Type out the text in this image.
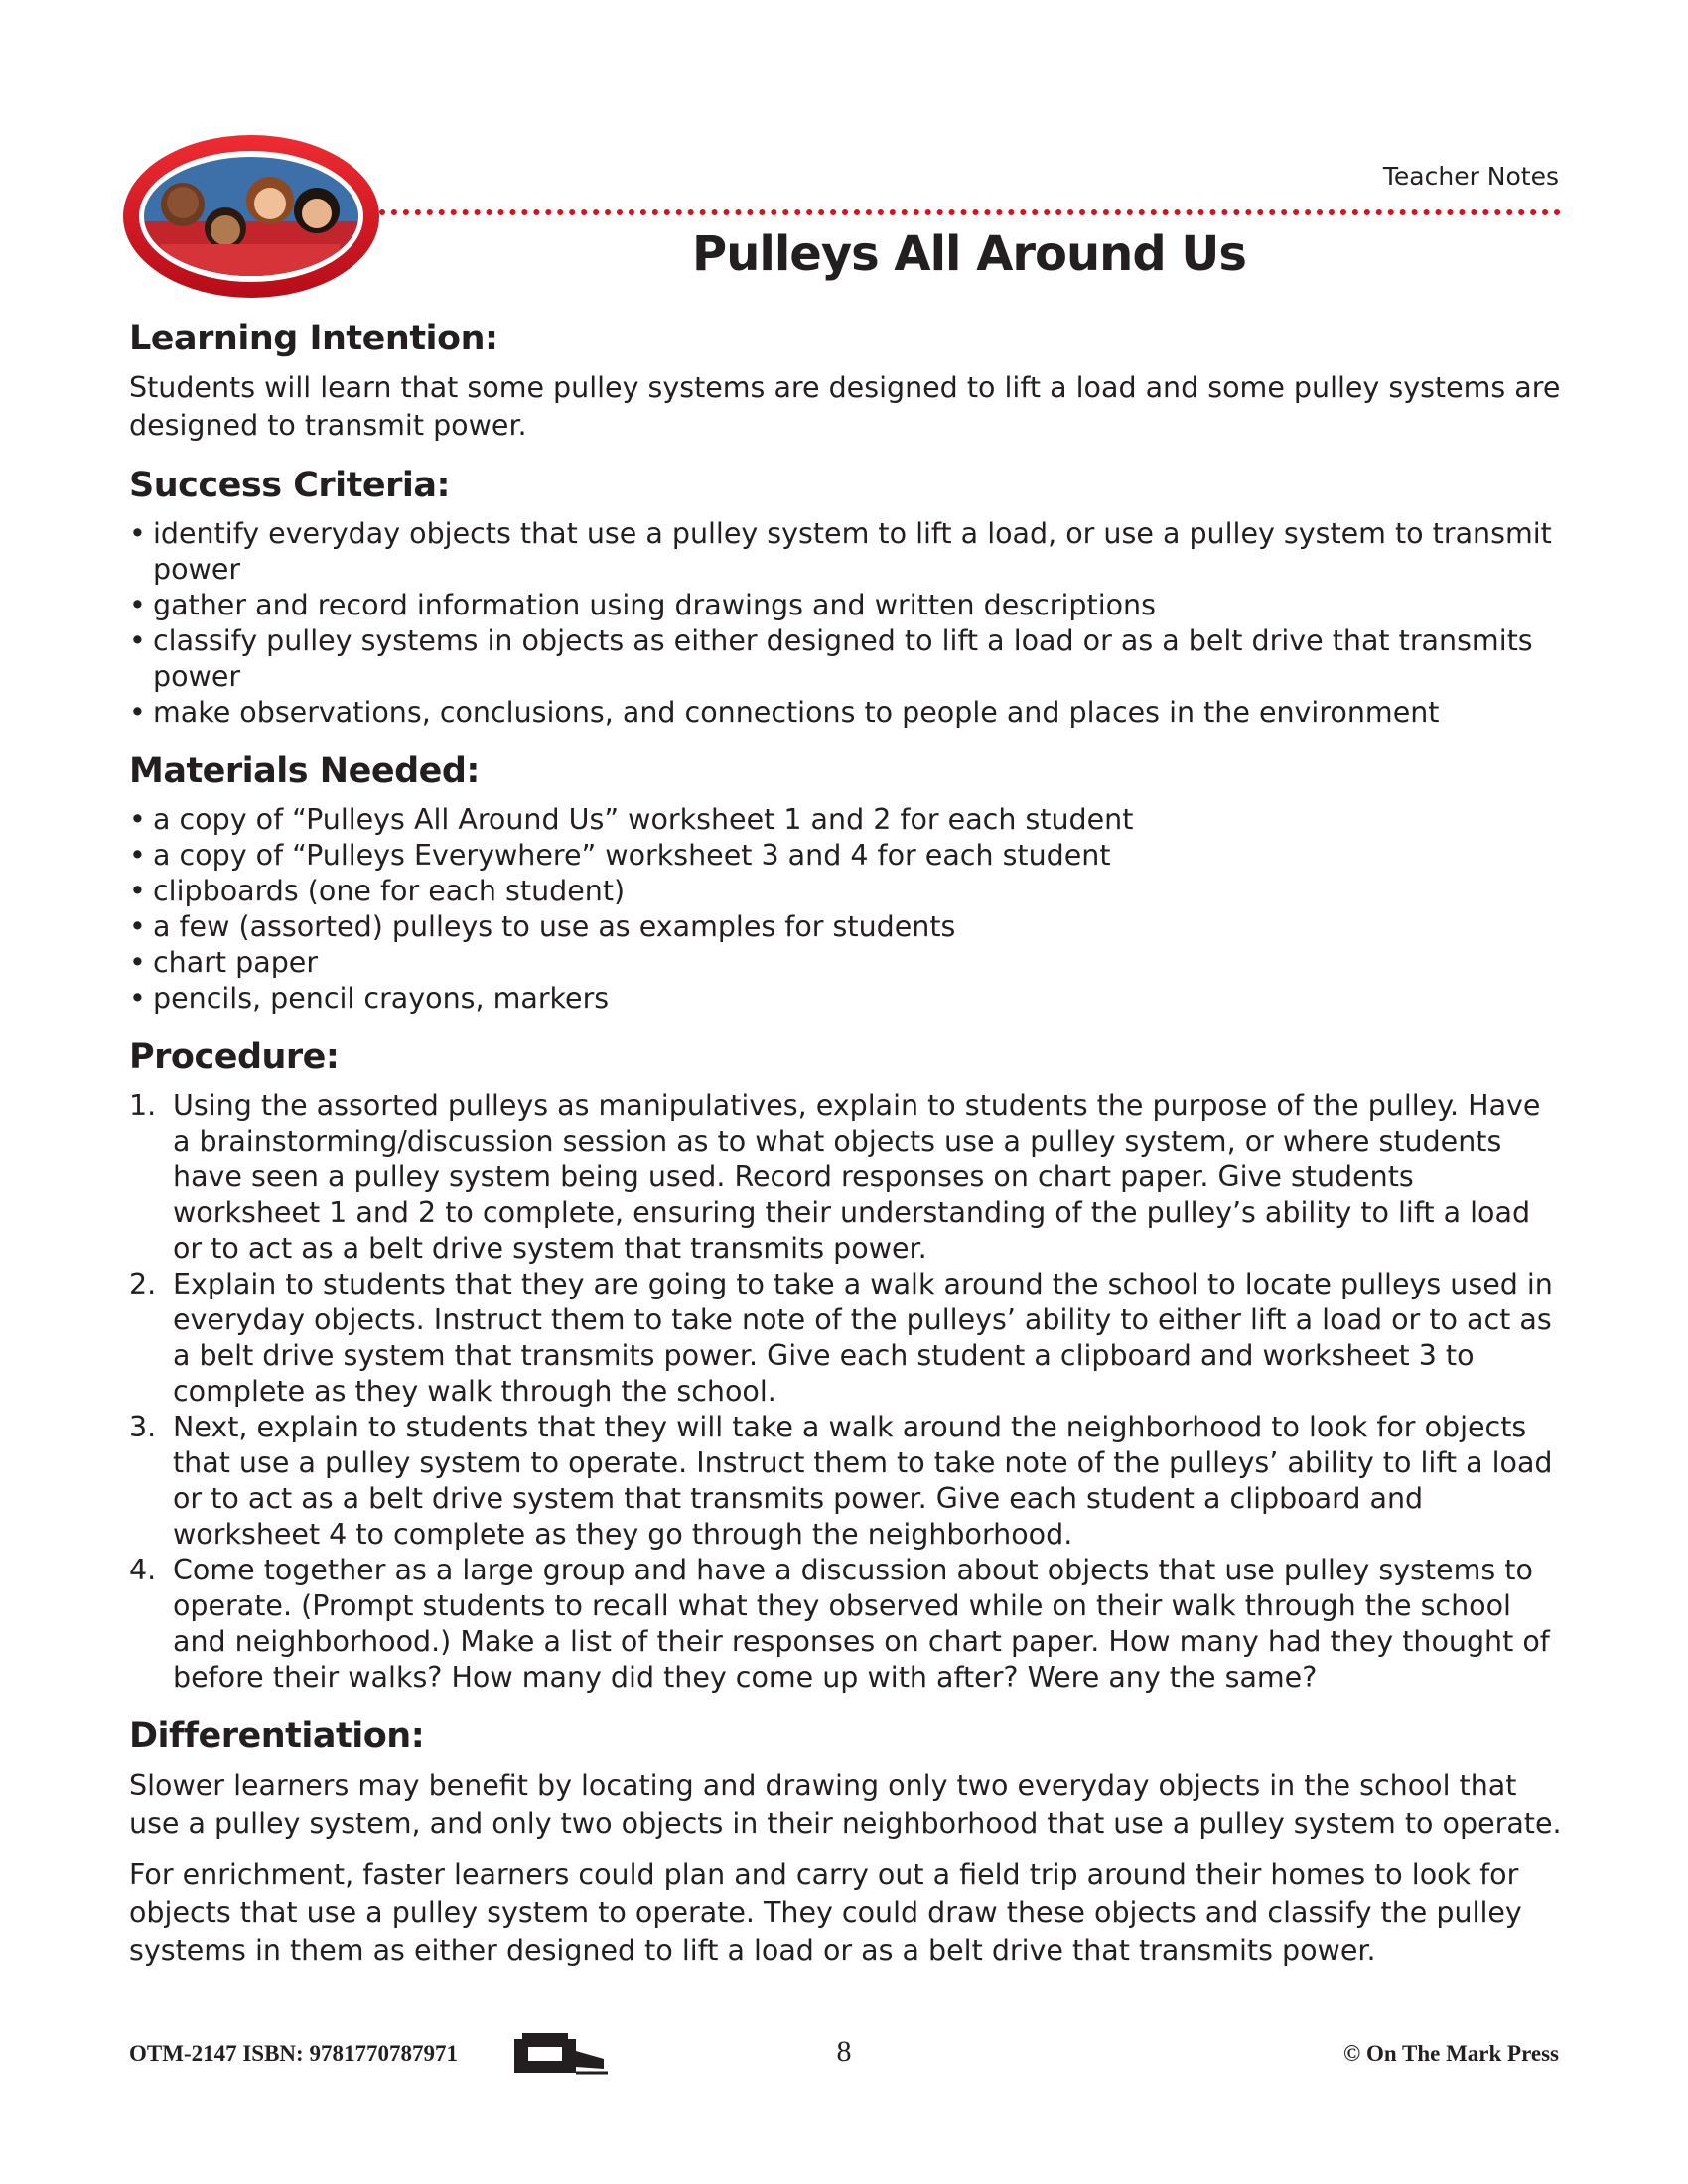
Teacher Notes
Pulleys All Around Us
Learning Intention:

Students will learn that some pulley systems are designed to lift a load and some pulley systems are designed to transmit power.

Success Criteria:
• identify everyday objects that use a pulley system to lift a load, or use a pulley system to transmit power
• gather and record information using drawings and written descriptions
• classify pulley systems in objects as either designed to lift a load or as a belt drive that transmits power
• make observations, conclusions, and connections to people and places in the environment
Materials Needed:
• a copy of “Pulleys All Around Us” worksheet 1 and 2 for each student
• a copy of “Pulleys Everywhere” worksheet 3 and 4 for each student
• clipboards (one for each student)
• a few (assorted) pulleys to use as examples for students
• chart paper
• pencils, pencil crayons, markers
Procedure:
1. Using the assorted pulleys as manipulatives, explain to students the purpose of the pulley. Have a brainstorming/discussion session as to what objects use a pulley system, or where students have seen a pulley system being used. Record responses on chart paper. Give students worksheet 1 and 2 to complete, ensuring their understanding of the pulley’s ability to lift a load or to act as a belt drive system that transmits power.
2. Explain to students that they are going to take a walk around the school to locate pulleys used in everyday objects. Instruct them to take note of the pulleys’ ability to either lift a load or to act as a belt drive system that transmits power. Give each student a clipboard and worksheet 3 to complete as they walk through the school.
3. Next, explain to students that they will take a walk around the neighborhood to look for objects that use a pulley system to operate. Instruct them to take note of the pulleys’ ability to lift a load or to act as a belt drive system that transmits power. Give each student a clipboard and worksheet 4 to complete as they go through the neighborhood.
4. Come together as a large group and have a discussion about objects that use pulley systems to operate. (Prompt students to recall what they observed while on their walk through the school and neighborhood.) Make a list of their responses on chart paper. How many had they thought of before their walks? How many did they come up with after? Were any the same?
Differentiation:

Slower learners may benefit by locating and drawing only two everyday objects in the school that use a pulley system, and only two objects in their neighborhood that use a pulley system to operate.

For enrichment, faster learners could plan and carry out a field trip around their homes to look for objects that use a pulley system to operate. They could draw these objects and classify the pulley systems in them as either designed to lift a load or as a belt drive that transmits power.

OTM-2147 ISBN: 9781770787971	8	© On The Mark Press
